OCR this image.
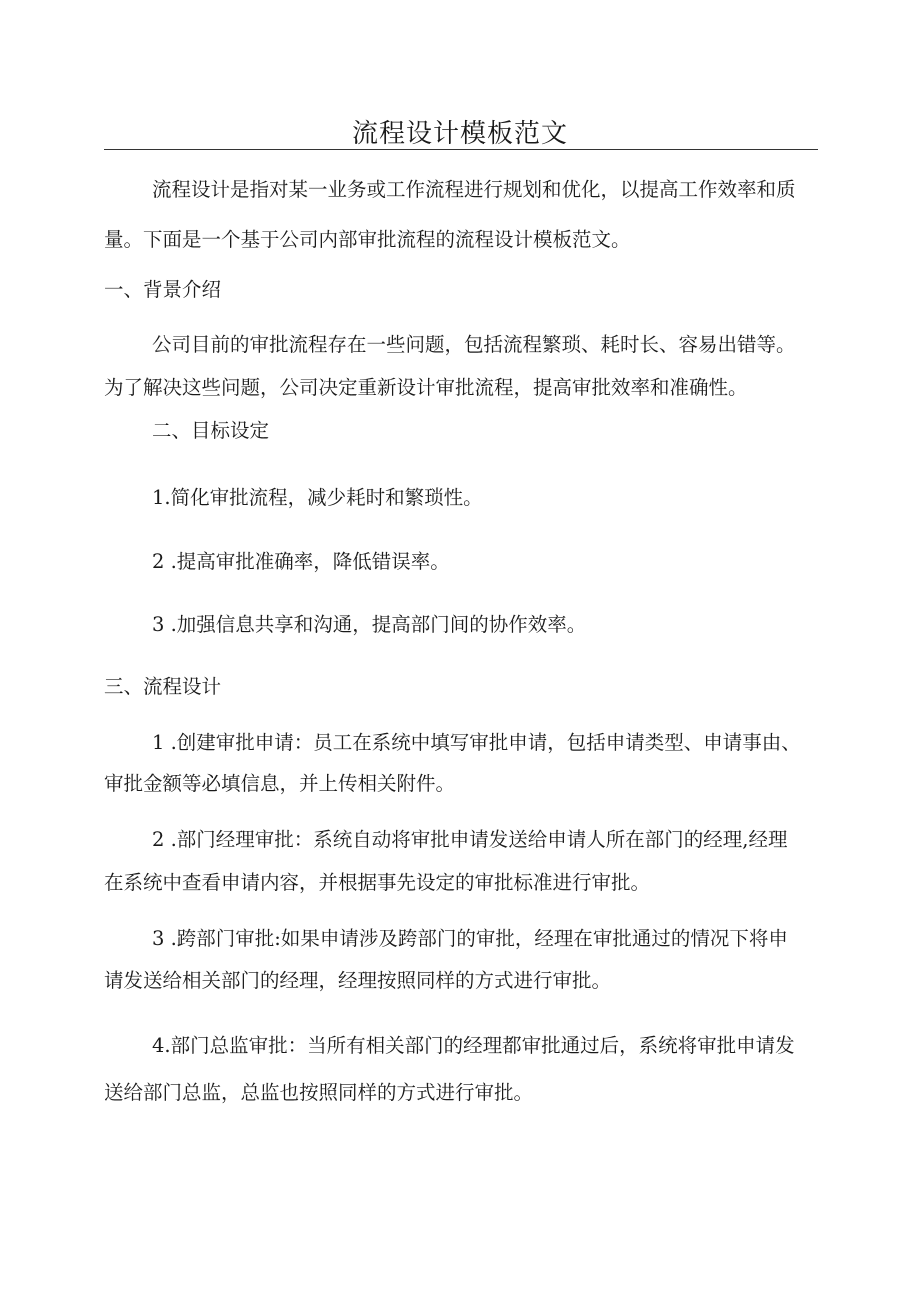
流程设计模板范文
流程设计是指对某一业务或工作流程进行规划和优化，以提高工作效率和质
量。下面是一个基于公司内部审批流程的流程设计模板范文。
一、背景介绍
公司目前的审批流程存在一些问题，包括流程繁琐、耗时长、容易出错等。
为了解决这些问题，公司决定重新设计审批流程，提高审批效率和准确性。
二、目标设定
1.简化审批流程，减少耗时和繁琐性。
2 .提高审批准确率，降低错误率。
3 .加强信息共享和沟通，提高部门间的协作效率。
三、流程设计
1 .创建审批申请：员工在系统中填写审批申请，包括申请类型、申请事由、
审批金额等必填信息，并上传相关附件。
2 .部门经理审批：系统自动将审批申请发送给申请人所在部门的经理,经理
在系统中查看申请内容，并根据事先设定的审批标准进行审批。
3 .跨部门审批:如果申请涉及跨部门的审批，经理在审批通过的情况下将申
请发送给相关部门的经理，经理按照同样的方式进行审批。
4.部门总监审批：当所有相关部门的经理都审批通过后，系统将审批申请发
送给部门总监，总监也按照同样的方式进行审批。
